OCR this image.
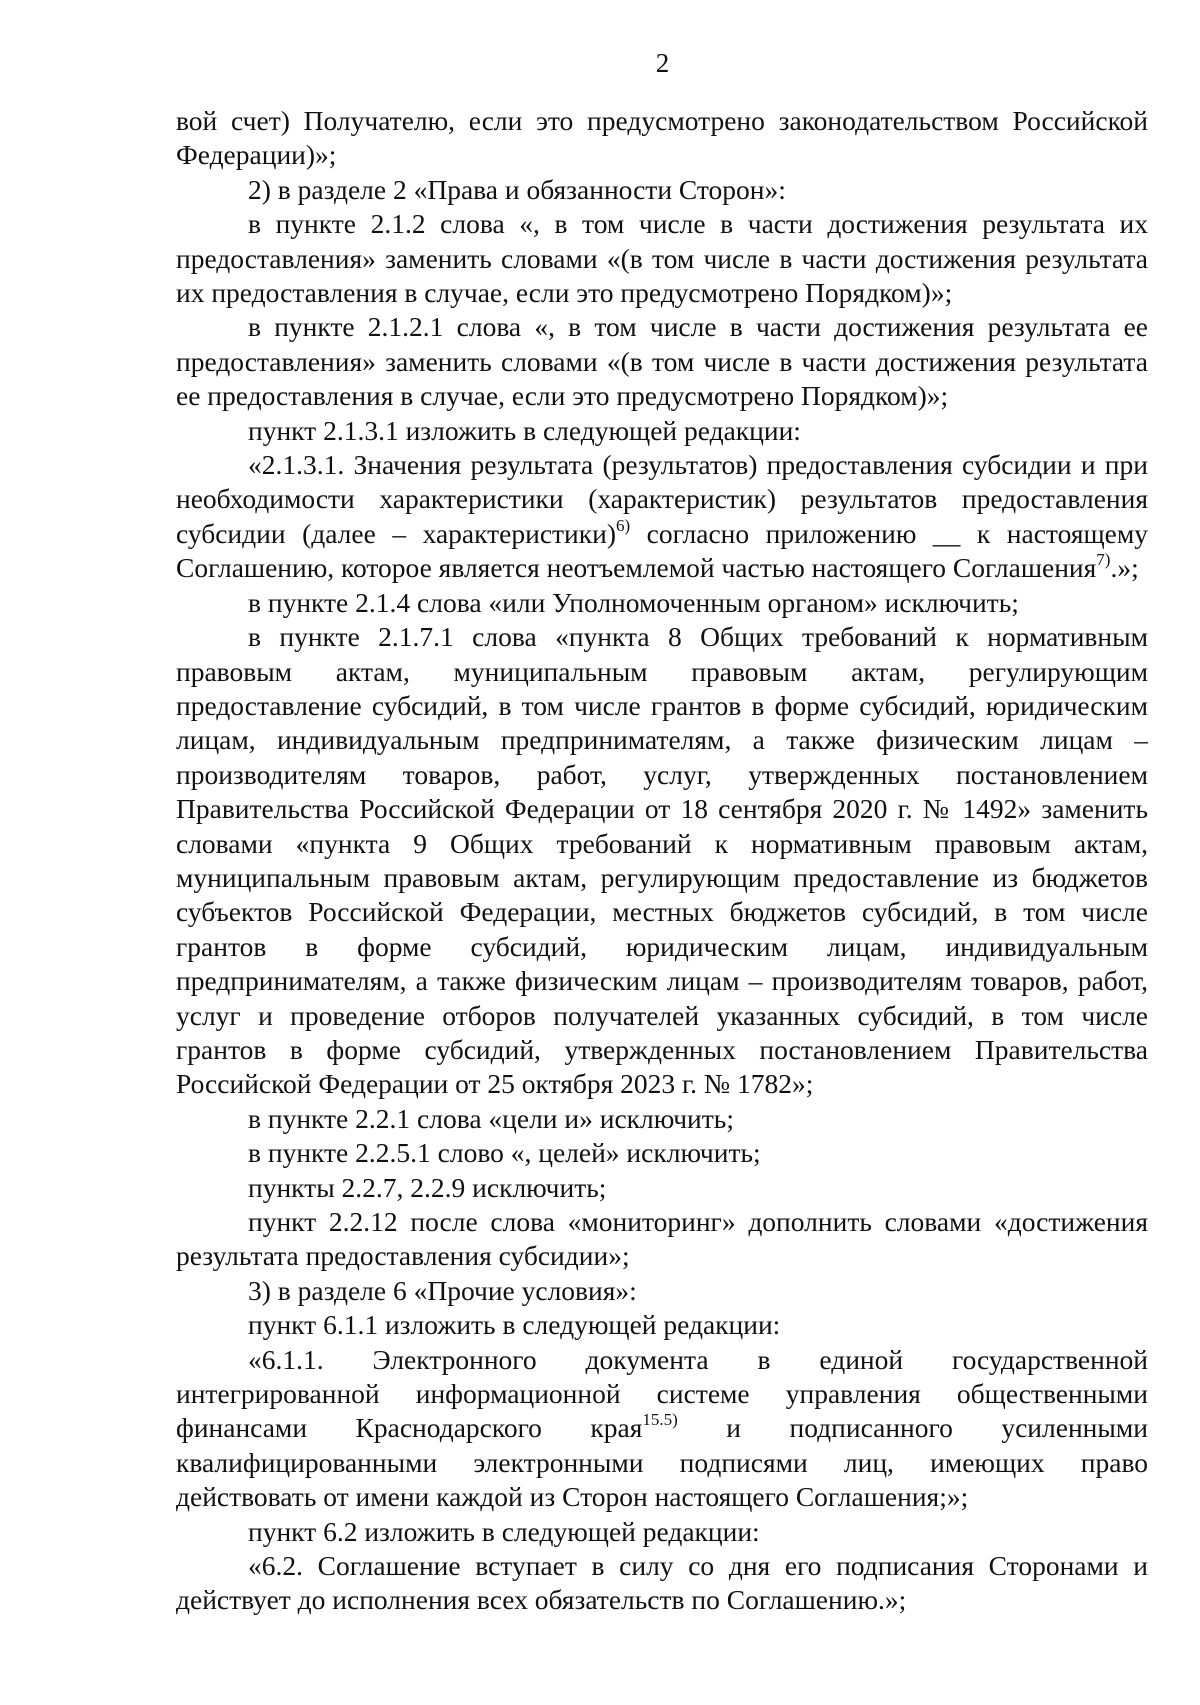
2

вой счет) Получателю, если это предусмотрено законодательством Российской Федерации)»;

2) в разделе 2 «Права и обязанности Сторон»:

в пункте 2.1.2 слова «, в том числе в части достижения результата их предоставления» заменить словами «(в том числе в части достижения результата их предоставления в случае, если это предусмотрено Порядком)»;

в пункте 2.1.2.1 слова «, в том числе в части достижения результата ее предоставления» заменить словами «(в том числе в части достижения результата ее предоставления в случае, если это предусмотрено Порядком)»;

пункт 2.1.3.1 изложить в следующей редакции:

«2.1.3.1. Значения результата (результатов) предоставления субсидии и при необходимости характеристики (характеристик) результатов предоставления субсидии (далее – характеристики)$^{6)}$ согласно приложению __ к настоящему Соглашению, которое является неотъемлемой частью настоящего Соглашения$^{7)}$.»;

в пункте 2.1.4 слова «или Уполномоченным органом» исключить;

в пункте 2.1.7.1 слова «пункта 8 Общих требований к нормативным правовым актам, муниципальным правовым актам, регулирующим предоставление субсидий, в том числе грантов в форме субсидий, юридическим лицам, индивидуальным предпринимателям, а также физическим лицам – производителям товаров, работ, услуг, утвержденных постановлением Правительства Российской Федерации от 18 сентября 2020 г. № 1492» заменить словами «пункта 9 Общих требований к нормативным правовым актам, муниципальным правовым актам, регулирующим предоставление из бюджетов субъектов Российской Федерации, местных бюджетов субсидий, в том числе грантов в форме субсидий, юридическим лицам, индивидуальным предпринимателям, а также физическим лицам – производителям товаров, работ, услуг и проведение отборов получателей указанных субсидий, в том числе грантов в форме субсидий, утвержденных постановлением Правительства Российской Федерации от 25 октября 2023 г. № 1782»;

в пункте 2.2.1 слова «цели и» исключить;

в пункте 2.2.5.1 слово «, целей» исключить;

пункты 2.2.7, 2.2.9 исключить;

пункт 2.2.12 после слова «мониторинг» дополнить словами «достижения результата предоставления субсидии»;

3) в разделе 6 «Прочие условия»:

пункт 6.1.1 изложить в следующей редакции:

«6.1.1. Электронного документа в единой государственной интегрированной информационной системе управления общественными финансами Краснодарского края$^{15.5)}$ и подписанного усиленными квалифицированными электронными подписями лиц, имеющих право действовать от имени каждой из Сторон настоящего Соглашения;»;

пункт 6.2 изложить в следующей редакции:

«6.2. Соглашение вступает в силу со дня его подписания Сторонами и действует до исполнения всех обязательств по Соглашению.»;
